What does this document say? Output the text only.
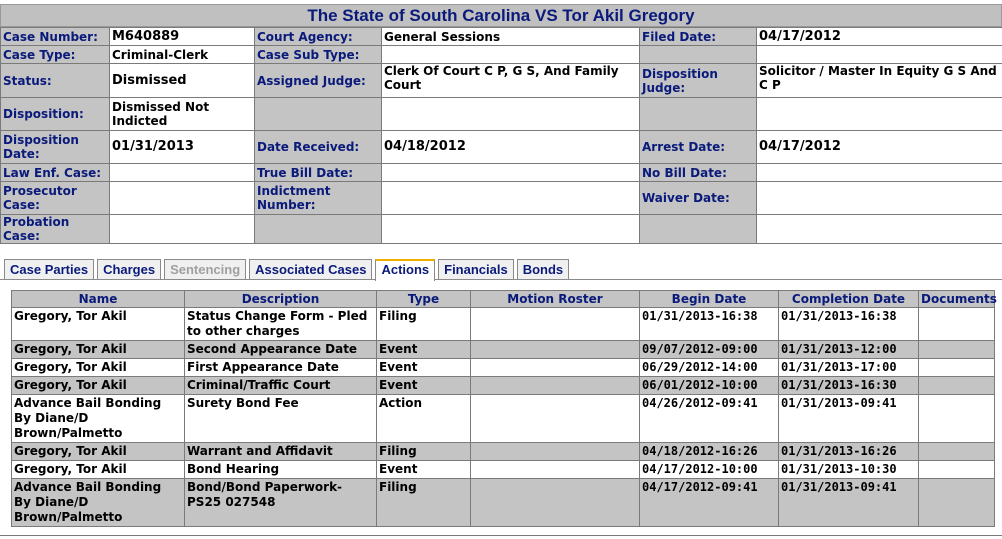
The State of South Carolina VS Tor Akil Gregory
Case Number:	M640889	Court Agency:	General Sessions	Filed Date:	04/17/2012
Case Type:	Criminal-Clerk	Case Sub Type:			
Status:	Dismissed	Assigned Judge:	Clerk Of Court C P, G S, And Family Court	Disposition Judge:	Solicitor / Master In Equity G S And C P
Disposition:	Dismissed Not Indicted				
Disposition Date:	01/31/2013	Date Received:	04/18/2012	Arrest Date:	04/17/2012
Law Enf. Case:		True Bill Date:		No Bill Date:	
Prosecutor Case:		Indictment Number:		Waiver Date:	
Probation Case:					
Case Parties	Charges	Sentencing	Associated Cases	Actions	Financials	Bonds
Name	Description	Type	Motion Roster	Begin Date	Completion Date	Documents
Gregory, Tor Akil	Status Change Form - Pled to other charges	Filing		01/31/2013-16:38	01/31/2013-16:38	
Gregory, Tor Akil	Second Appearance Date	Event		09/07/2012-09:00	01/31/2013-12:00	
Gregory, Tor Akil	First Appearance Date	Event		06/29/2012-14:00	01/31/2013-17:00	
Gregory, Tor Akil	Criminal/Traffic Court	Event		06/01/2012-10:00	01/31/2013-16:30	
Advance Bail Bonding By Diane/D Brown/Palmetto	Surety Bond Fee	Action		04/26/2012-09:41	01/31/2013-09:41	
Gregory, Tor Akil	Warrant and Affidavit	Filing		04/18/2012-16:26	01/31/2013-16:26	
Gregory, Tor Akil	Bond Hearing	Event		04/17/2012-10:00	01/31/2013-10:30	
Advance Bail Bonding By Diane/D Brown/Palmetto	Bond/Bond Paperwork-PS25 027548	Filing		04/17/2012-09:41	01/31/2013-09:41	
